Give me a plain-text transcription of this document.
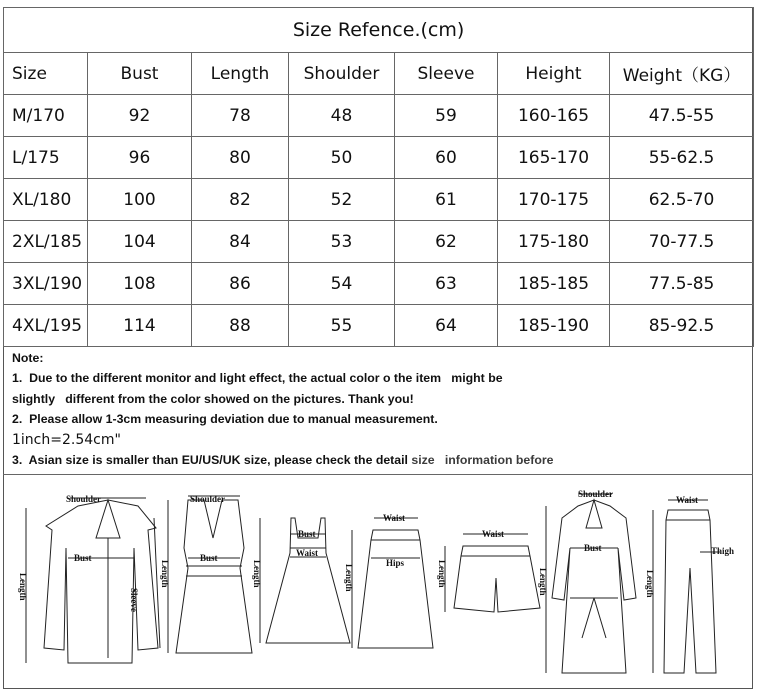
Size Refence.(cm)						
Size	Bust	Length	Shoulder	Sleeve	Height	Weight（KG）
M/170	92	78	48	59	160-165	47.5-55
L/175	96	80	50	60	165-170	55-62.5
XL/180	100	82	52	61	170-175	62.5-70
2XL/185	104	84	53	62	175-180	70-77.5
3XL/190	108	86	54	63	185-185	77.5-85
4XL/195	114	88	55	64	185-190	85-92.5
Note:
1.  Due to the different monitor and light effect, the actual color o the item   might be
slightly   different from the color showed on the pictures. Thank you!
2.  Please allow 1-3cm measuring deviation due to manual measurement.
1inch=2.54cm"
3.  Asian size is smaller than EU/US/UK size, please check the detail size   information before
Shoulder
Bust
Sleeve
Length
Shoulder
Bust
Length
Bust
Waist
Length
Waist
Hips
Length
Waist
Length
Shoulder
Bust
Length
Waist
Thigh
Length
